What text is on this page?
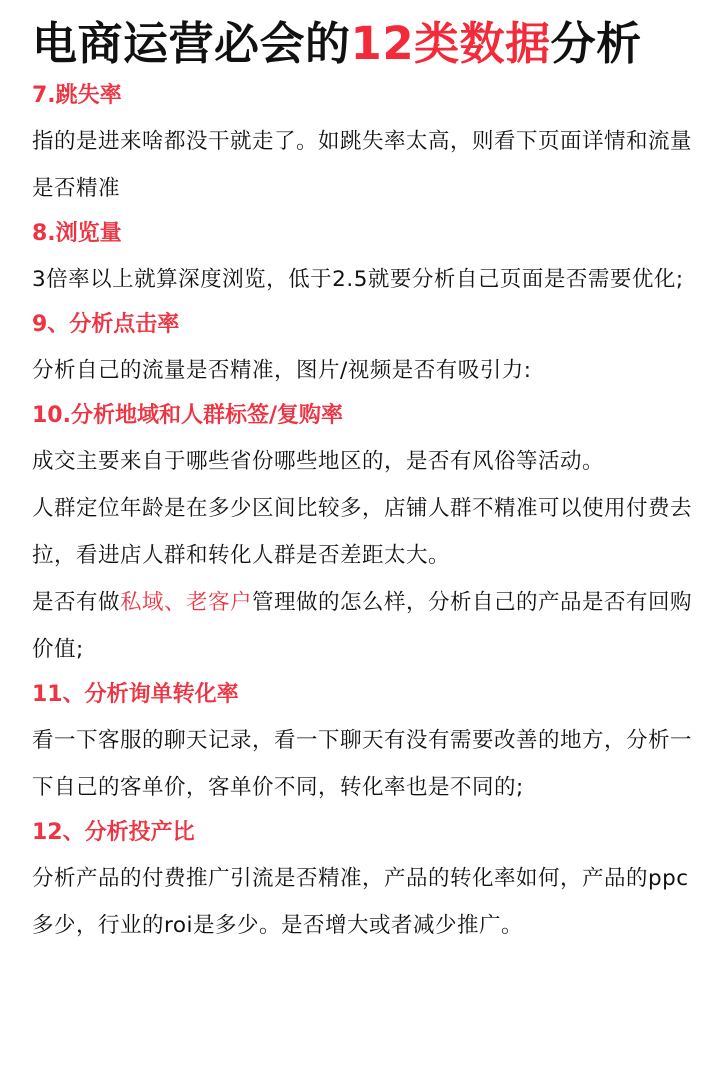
电商运营必会的12类数据分析
7.跳失率

指的是进来啥都没干就走了。如跳失率太高，则看下页面详情和流量是否精准

8.浏览量

3倍率以上就算深度浏览，低于2.5就要分析自己页面是否需要优化;

9、分析点击率

分析自己的流量是否精准，图片/视频是否有吸引力:

10.分析地域和人群标签/复购率

成交主要来自于哪些省份哪些地区的，是否有风俗等活动。

人群定位年龄是在多少区间比较多，店铺人群不精准可以使用付费去拉，看进店人群和转化人群是否差距太大。

是否有做私域、老客户管理做的怎么样，分析自己的产品是否有回购价值;

11、分析询单转化率

看一下客服的聊天记录，看一下聊天有没有需要改善的地方，分析一下自己的客单价，客单价不同，转化率也是不同的;

12、分析投产比

分析产品的付费推广引流是否精准，产品的转化率如何，产品的ppc多少，行业的roi是多少。是否增大或者减少推广。
